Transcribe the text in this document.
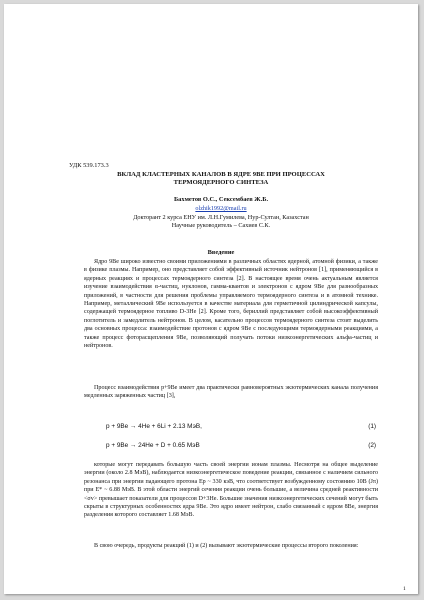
УДК 539.173.3
ВКЛАД КЛАСТЕРНЫХ КАНАЛОВ В ЯДРЕ 9BE ПРИ ПРОЦЕССАХ
ТЕРМОЯДЕРНОГО СИНТЕЗА
Бахметов О.С., Сексембаев Ж.Б.
olzhik1992@mail.ru
Докторант 2 курса ЕНУ им. Л.Н.Гумилева, Нур-Султан, Казахстан
Научные руководитель – Сахиев С.К.
Введение
Ядро 9Be широко известно своими приложениями в различных областях ядерной, атомной физики, а также в физике плазмы. Например, оно представляет собой эффективный источник нейтронов [1], применяющийся в ядерных реакциях и процессах термоядерного синтеза [2]. В настоящее время очень актуальным является изучение взаимодействия α-частиц, нуклонов, гамма-квантов и электронов с ядром 9Be для разнообразных приложений, в частности для решения проблемы управляемого термоядерного синтеза и в атомной технике. Например, металлический 9Be используется в качестве материала для герметичной цилиндрической капсулы, содержащей термоядерное топливо D-3He [2]. Кроме того, бериллий представляет собой высокоэффективный поглотитель и замедлитель нейтронов. В целом, касательно процессов термоядерного синтеза стоит выделить два основных процесса: взаимодействие протонов с ядром 9Be с последующими термоядерными реакциями, а также процесс фоторасщепления 9Be, позволяющий получать потоки низкоэнергетических альфа-частиц и нейтронов.
Процесс взаимодействия p+9Be имеет два практически равновероятных экзотермических канала получения медленных заряженных частиц [3],
p + 9Be → 4He + 6Li + 2.13 МэВ,	(1)
p + 9Be → 24He + D + 0.65 МэВ	(2)
которые могут передавать большую часть своей энергии ионам плазмы. Несмотря на общее выделение энергии (около 2.8 МэВ), наблюдается низкоэнергетическое поведение реакции, связанное с наличием сильного резонанса при энергии падающего протона Ep ~ 330 кэВ, что соответствует возбужденному состоянию 10B (Jπ) при E* ~ 6.88 МэВ. В этой области энергий сечения реакции очень большие, а величина средней реактивности <σv> превышает показатели для процессов D+3He. Большие значения низкоэнергетических сечений могут быть скрыты в структурных особенностях ядра 9Be. Это ядро имеет нейтрон, слабо связанный с ядром 8Be, энергия разделения которого составляет 1.68 МэВ.
В свою очередь, продукты реакций (1) и (2) вызывают экзотермические процессы второго поколения:
1
